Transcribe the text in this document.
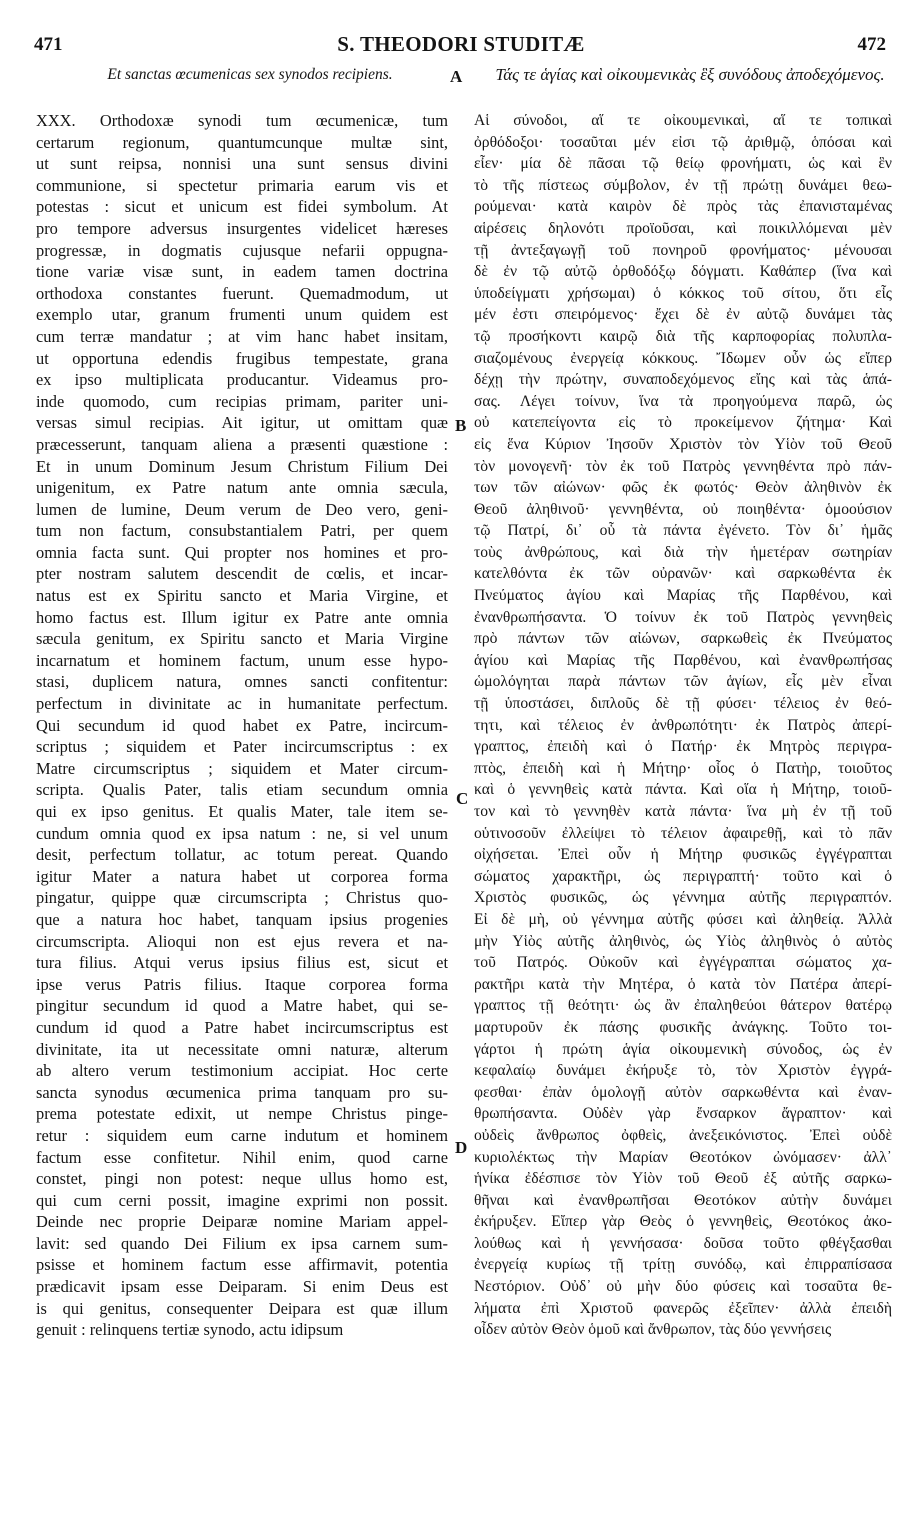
471	S. THEODORI STUDITÆ	472
Et sanctas œcumenicas sex synodos recipiens.	Τάς τε ἁγίας καὶ οἰκουμενικὰς ἓξ συνόδους ἀποδεχόμενος.
A
B
C
D
XXX. Orthodoxæ synodi tum œcumenicæ, tum
certarum regionum, quantumcunque multæ sint,
ut sunt reipsa, nonnisi una sunt sensus divini
communione, si spectetur primaria earum vis et
potestas : sicut et unicum est fidei symbolum. At
pro tempore adversus insurgentes videlicet hæreses
progressæ, in dogmatis cujusque nefarii oppugna-
tione variæ visæ sunt, in eadem tamen doctrina
orthodoxa constantes fuerunt. Quemadmodum, ut
exemplo utar, granum frumenti unum quidem est
cum terræ mandatur ; at vim hanc habet insitam,
ut opportuna edendis frugibus tempestate, grana
ex ipso multiplicata producantur. Videamus pro-
inde quomodo, cum recipias primam, pariter uni-
versas simul recipias. Ait igitur, ut omittam quæ
præcesserunt, tanquam aliena a præsenti quæstione :
Et in unum Dominum Jesum Christum Filium Dei
unigenitum, ex Patre natum ante omnia sæcula,
lumen de lumine, Deum verum de Deo vero, geni-
tum non factum, consubstantialem Patri, per quem
omnia facta sunt. Qui propter nos homines et pro-
pter nostram salutem descendit de cœlis, et incar-
natus est ex Spiritu sancto et Maria Virgine, et
homo factus est. Illum igitur ex Patre ante omnia
sæcula genitum, ex Spiritu sancto et Maria Virgine
incarnatum et hominem factum, unum esse hypo-
stasi, duplicem natura, omnes sancti confitentur:
perfectum in divinitate ac in humanitate perfectum.
Qui secundum id quod habet ex Patre, incircum-
scriptus ; siquidem et Pater incircumscriptus : ex
Matre circumscriptus ; siquidem et Mater circum-
scripta. Qualis Pater, talis etiam secundum omnia
qui ex ipso genitus. Et qualis Mater, tale item se-
cundum omnia quod ex ipsa natum : ne, si vel unum
desit, perfectum tollatur, ac totum pereat. Quando
igitur Mater a natura habet ut corporea forma
pingatur, quippe quæ circumscripta ; Christus quo-
que a natura hoc habet, tanquam ipsius progenies
circumscripta. Alioqui non est ejus revera et na-
tura filius. Atqui verus ipsius filius est, sicut et
ipse verus Patris filius. Itaque corporea forma
pingitur secundum id quod a Matre habet, qui se-
cundum id quod a Patre habet incircumscriptus est
divinitate, ita ut necessitate omni naturæ, alterum
ab altero verum testimonium accipiat. Hoc certe
sancta synodus œcumenica prima tanquam pro su-
prema potestate edixit, ut nempe Christus pinge-
retur : siquidem eum carne indutum et hominem
factum esse confitetur. Nihil enim, quod carne
constet, pingi non potest: neque ullus homo est,
qui cum cerni possit, imagine exprimi non possit.
Deinde nec proprie Deiparæ nomine Mariam appel-
lavit: sed quando Dei Filium ex ipsa carnem sum-
psisse et hominem factum esse affirmavit, potentia
prædicavit ipsam esse Deiparam. Si enim Deus est
is qui genitus, consequenter Deipara est quæ illum
genuit : relinquens tertiæ synodo, actu idipsum
Αἱ σύνοδοι, αἵ τε οἰκουμενικαὶ, αἵ τε τοπικαὶ
ὀρθόδοξοι· τοσαῦται μέν εἰσι τῷ ἀριθμῷ, ὁπόσαι καὶ
εἶεν· μία δὲ πᾶσαι τῷ θείῳ φρονήματι, ὡς καὶ ἓν
τὸ τῆς πίστεως σύμβολον, ἐν τῇ πρώτῃ δυνάμει θεω-
ρούμεναι· κατὰ καιρὸν δὲ πρὸς τὰς ἐπανισταμένας
αἱρέσεις δηλονότι προϊοῦσαι, καὶ ποικιλλόμεναι μὲν
τῇ ἀντεξαγωγῇ τοῦ πονηροῦ φρονήματος· μένουσαι
δὲ ἐν τῷ αὐτῷ ὀρθοδόξῳ δόγματι. Καθάπερ (ἵνα καὶ
ὑποδείγματι χρήσωμαι) ὁ κόκκος τοῦ σίτου, ὅτι εἷς
μέν ἐστι σπειρόμενος· ἔχει δὲ ἐν αὐτῷ δυνάμει τὰς
τῷ προσήκοντι καιρῷ διὰ τῆς καρποφορίας πολυπλα-
σιαζομένους ἐνεργείᾳ κόκκους. Ἴδωμεν οὖν ὡς εἴπερ
δέχῃ τὴν πρώτην, συναποδεχόμενος εἴης καὶ τὰς ἁπά-
σας. Λέγει τοίνυν, ἵνα τὰ προηγούμενα παρῶ, ὡς
οὐ κατεπείγοντα εἰς τὸ προκείμενον ζήτημα· Καὶ
εἰς ἕνα Κύριον Ἰησοῦν Χριστὸν τὸν Υἱὸν τοῦ Θεοῦ
τὸν μονογενῆ· τὸν ἐκ τοῦ Πατρὸς γεννηθέντα πρὸ πάν-
των τῶν αἰώνων· φῶς ἐκ φωτός· Θεὸν ἀληθινὸν ἐκ
Θεοῦ ἀληθινοῦ· γεννηθέντα, οὐ ποιηθέντα· ὁμοούσιον
τῷ Πατρί, δι᾽ οὗ τὰ πάντα ἐγένετο. Τὸν δι᾽ ἡμᾶς
τοὺς ἀνθρώπους, καὶ διὰ τὴν ἡμετέραν σωτηρίαν
κατελθόντα ἐκ τῶν οὐρανῶν· καὶ σαρκωθέντα ἐκ
Πνεύματος ἁγίου καὶ Μαρίας τῆς Παρθένου, καὶ
ἐνανθρωπήσαντα. Ὁ τοίνυν ἐκ τοῦ Πατρὸς γεννηθεὶς
πρὸ πάντων τῶν αἰώνων, σαρκωθεὶς ἐκ Πνεύματος
ἁγίου καὶ Μαρίας τῆς Παρθένου, καὶ ἐνανθρωπήσας
ὡμολόγηται παρὰ πάντων τῶν ἁγίων, εἷς μὲν εἶναι
τῇ ὑποστάσει, διπλοῦς δὲ τῇ φύσει· τέλειος ἐν θεό-
τητι, καὶ τέλειος ἐν ἀνθρωπότητι· ἐκ Πατρὸς ἀπερί-
γραπτος, ἐπειδὴ καὶ ὁ Πατήρ· ἐκ Μητρὸς περιγρα-
πτὸς, ἐπειδὴ καὶ ἡ Μήτηρ· οἷος ὁ Πατὴρ, τοιοῦτος
καὶ ὁ γεννηθεὶς κατὰ πάντα. Καὶ οἵα ἡ Μήτηρ, τοιοῦ-
τον καὶ τὸ γεννηθὲν κατὰ πάντα· ἵνα μὴ ἐν τῇ τοῦ
οὑτινοσοῦν ἐλλείψει τὸ τέλειον ἀφαιρεθῇ, καὶ τὸ πᾶν
οἰχήσεται. Ἐπεὶ οὖν ἡ Μήτηρ φυσικῶς ἐγγέγραπται
σώματος χαρακτῆρι, ὡς περιγραπτή· τοῦτο καὶ ὁ
Χριστὸς φυσικῶς, ὡς γέννημα αὐτῆς περιγραπτόν.
Εἰ δὲ μὴ, οὐ γέννημα αὐτῆς φύσει καὶ ἀληθείᾳ. Ἀλλὰ
μὴν Υἱὸς αὐτῆς ἀληθινὸς, ὡς Υἱὸς ἀληθινὸς ὁ αὐτὸς
τοῦ Πατρός. Οὐκοῦν καὶ ἐγγέγραπται σώματος χα-
ρακτῆρι κατὰ τὴν Μητέρα, ὁ κατὰ τὸν Πατέρα ἀπερί-
γραπτος τῇ θεότητι· ὡς ἂν ἐπαληθεύοι θάτερον θατέρῳ
μαρτυροῦν ἐκ πάσης φυσικῆς ἀνάγκης. Τοῦτο τοι-
γάρτοι ἡ πρώτη ἁγία οἰκουμενικὴ σύνοδος, ὡς ἐν
κεφαλαίῳ δυνάμει ἐκήρυξε τὸ, τὸν Χριστὸν ἐγγρά-
φεσθαι· ἐπὰν ὁμολογῇ αὐτὸν σαρκωθέντα καὶ ἐναν-
θρωπήσαντα. Οὐδὲν γὰρ ἔνσαρκον ἄγραπτον· καὶ
οὐδεὶς ἄνθρωπος ὀφθεὶς, ἀνεξεικόνιστος. Ἐπεὶ οὐδὲ
κυριολέκτως τὴν Μαρίαν Θεοτόκον ὠνόμασεν· ἀλλ᾽
ἡνίκα ἐδέσπισε τὸν Υἱὸν τοῦ Θεοῦ ἐξ αὐτῆς σαρκω-
θῆναι καὶ ἐνανθρωπῆσαι Θεοτόκον αὐτὴν δυνάμει
ἐκήρυξεν. Εἴπερ γὰρ Θεὸς ὁ γεννηθεὶς, Θεοτόκος ἀκο-
λούθως καὶ ἡ γεννήσασα· δοῦσα τοῦτο φθέγξασθαι
ἐνεργείᾳ κυρίως τῇ τρίτῃ συνόδῳ, καὶ ἐπιρραπίσασα
Νεστόριον. Οὐδ᾽ οὐ μὴν δύο φύσεις καὶ τοσαῦτα θε-
λήματα ἐπὶ Χριστοῦ φανερῶς ἐξεῖπεν· ἀλλὰ ἐπειδὴ
οἶδεν αὐτὸν Θεὸν ὁμοῦ καὶ ἄνθρωπον, τὰς δύο γεννήσεις
